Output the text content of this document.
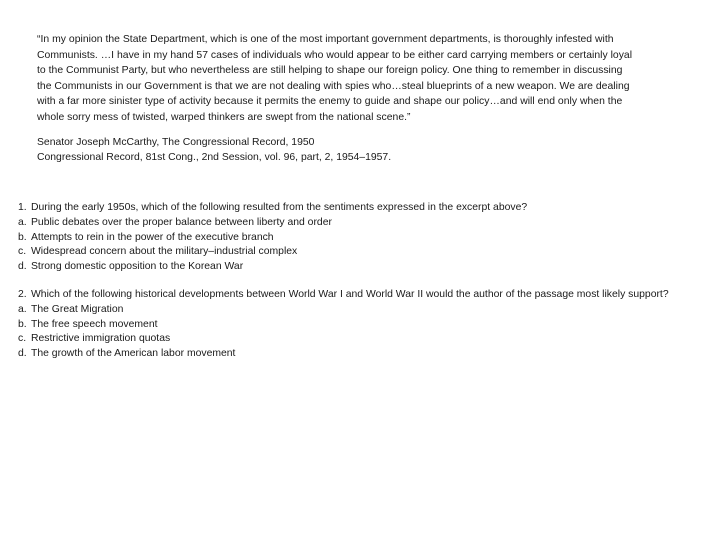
“In my opinion the State Department, which is one of the most important government departments, is thoroughly infested with
Communists. …I have in my hand 57 cases of individuals who would appear to be either card carrying members or certainly loyal
to the Communist Party, but who nevertheless are still helping to shape our foreign policy. One thing to remember in discussing
the Communists in our Government is that we are not dealing with spies who…steal blueprints of a new weapon. We are dealing
with a far more sinister type of activity because it permits the enemy to guide and shape our policy…and will end only when the
whole sorry mess of twisted, warped thinkers are swept from the national scene.”
Senator Joseph McCarthy, The Congressional Record, 1950
Congressional Record, 81st Cong., 2nd Session, vol. 96, part, 2, 1954–1957.
1. During the early 1950s, which of the following resulted from the sentiments expressed in the excerpt above?
a. Public debates over the proper balance between liberty and order
b. Attempts to rein in the power of the executive branch
c. Widespread concern about the military–industrial complex
d. Strong domestic opposition to the Korean War
2. Which of the following historical developments between World War I and World War II would the author of the passage most likely support?
a. The Great Migration
b. The free speech movement
c. Restrictive immigration quotas
d. The growth of the American labor movement
